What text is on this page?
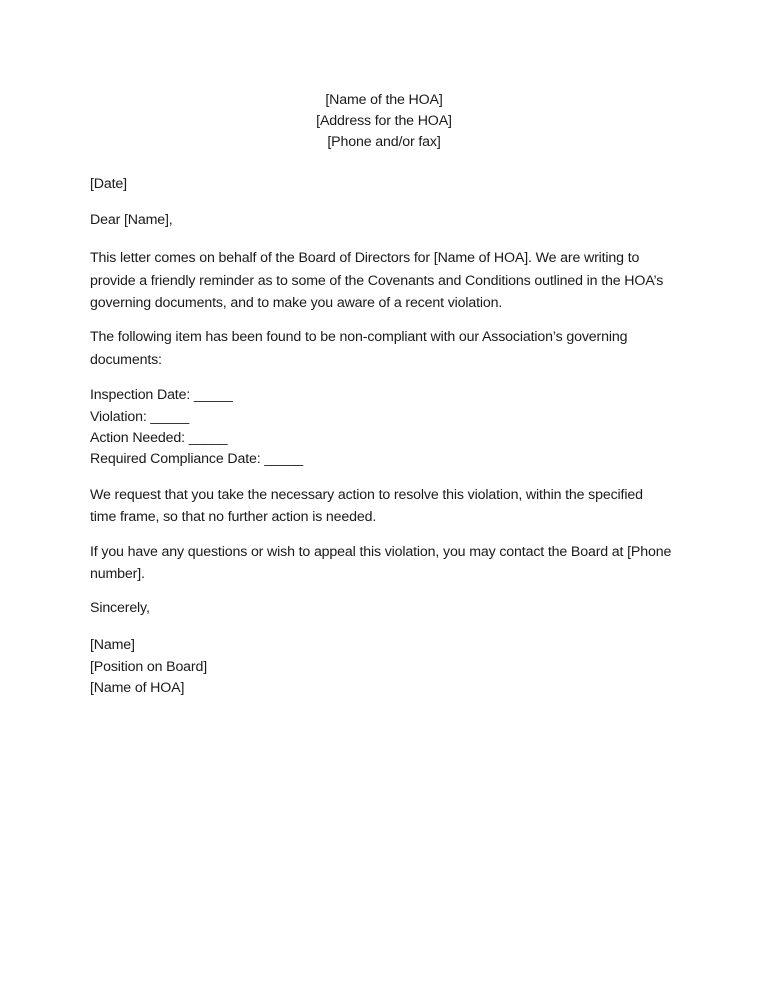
[Name of the HOA]
[Address for the HOA]
[Phone and/or fax]
[Date]
Dear [Name],
This letter comes on behalf of the Board of Directors for [Name of HOA]. We are writing to
provide a friendly reminder as to some of the Covenants and Conditions outlined in the HOA’s
governing documents, and to make you aware of a recent violation.
The following item has been found to be non-compliant with our Association’s governing
documents:
Inspection Date: _____
Violation: _____
Action Needed: _____
Required Compliance Date: _____
We request that you take the necessary action to resolve this violation, within the specified
time frame, so that no further action is needed.
If you have any questions or wish to appeal this violation, you may contact the Board at [Phone
number].
Sincerely,
[Name]
[Position on Board]
[Name of HOA]
